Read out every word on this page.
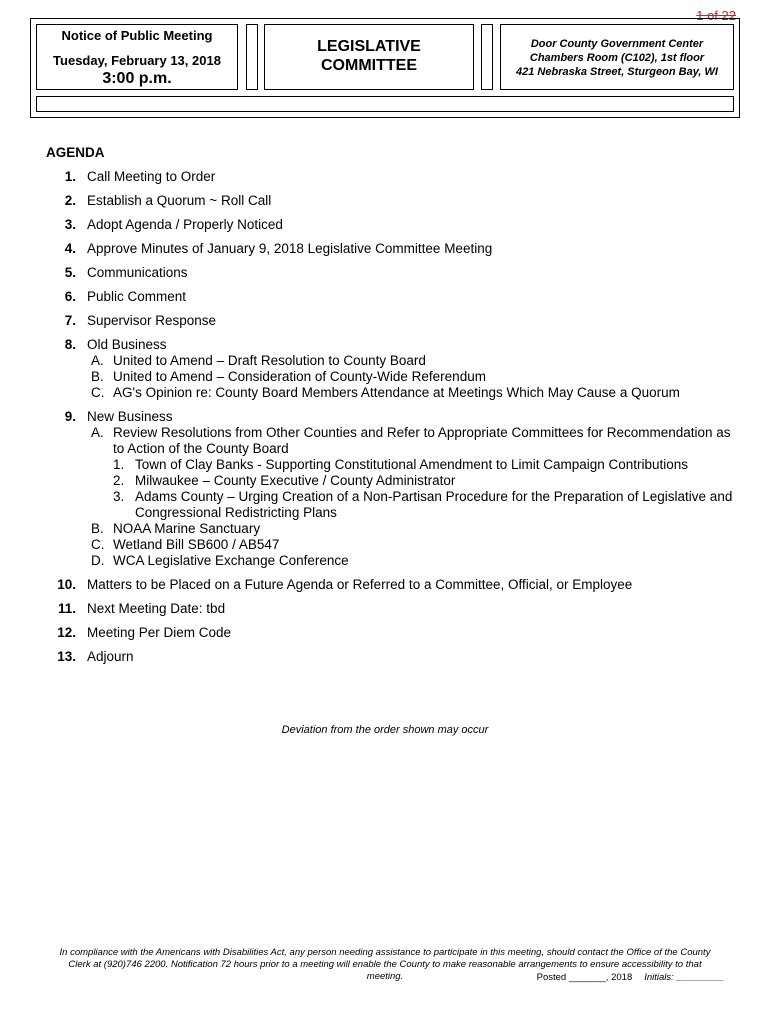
1 of 22
Notice of Public Meeting
Tuesday, February 13, 2018
3:00 p.m.
LEGISLATIVE
COMMITTEE
Door County Government Center
Chambers Room (C102), 1st floor
421 Nebraska Street, Sturgeon Bay, WI
AGENDA
1. Call Meeting to Order
2. Establish a Quorum ~ Roll Call
3. Adopt Agenda / Properly Noticed
4. Approve Minutes of January 9, 2018 Legislative Committee Meeting
5. Communications
6. Public Comment
7. Supervisor Response
8. Old Business
A. United to Amend – Draft Resolution to County Board
B. United to Amend – Consideration of County-Wide Referendum
C. AG's Opinion re: County Board Members Attendance at Meetings Which May Cause a Quorum
9. New Business
A. Review Resolutions from Other Counties and Refer to Appropriate Committees for Recommendation as to Action of the County Board
1. Town of Clay Banks - Supporting Constitutional Amendment to Limit Campaign Contributions
2. Milwaukee – County Executive / County Administrator
3. Adams County – Urging Creation of a Non-Partisan Procedure for the Preparation of Legislative and Congressional Redistricting Plans
B. NOAA Marine Sanctuary
C. Wetland Bill SB600 / AB547
D. WCA Legislative Exchange Conference
10. Matters to be Placed on a Future Agenda or Referred to a Committee, Official, or Employee
11. Next Meeting Date: tbd
12. Meeting Per Diem Code
13. Adjourn
Deviation from the order shown may occur
In compliance with the Americans with Disabilities Act, any person needing assistance to participate in this meeting, should contact the Office of the County Clerk at (920)746 2200. Notification 72 hours prior to a meeting will enable the County to make reasonable arrangements to ensure accessibility to that meeting.	Posted _______, 2018 Initials: _________
